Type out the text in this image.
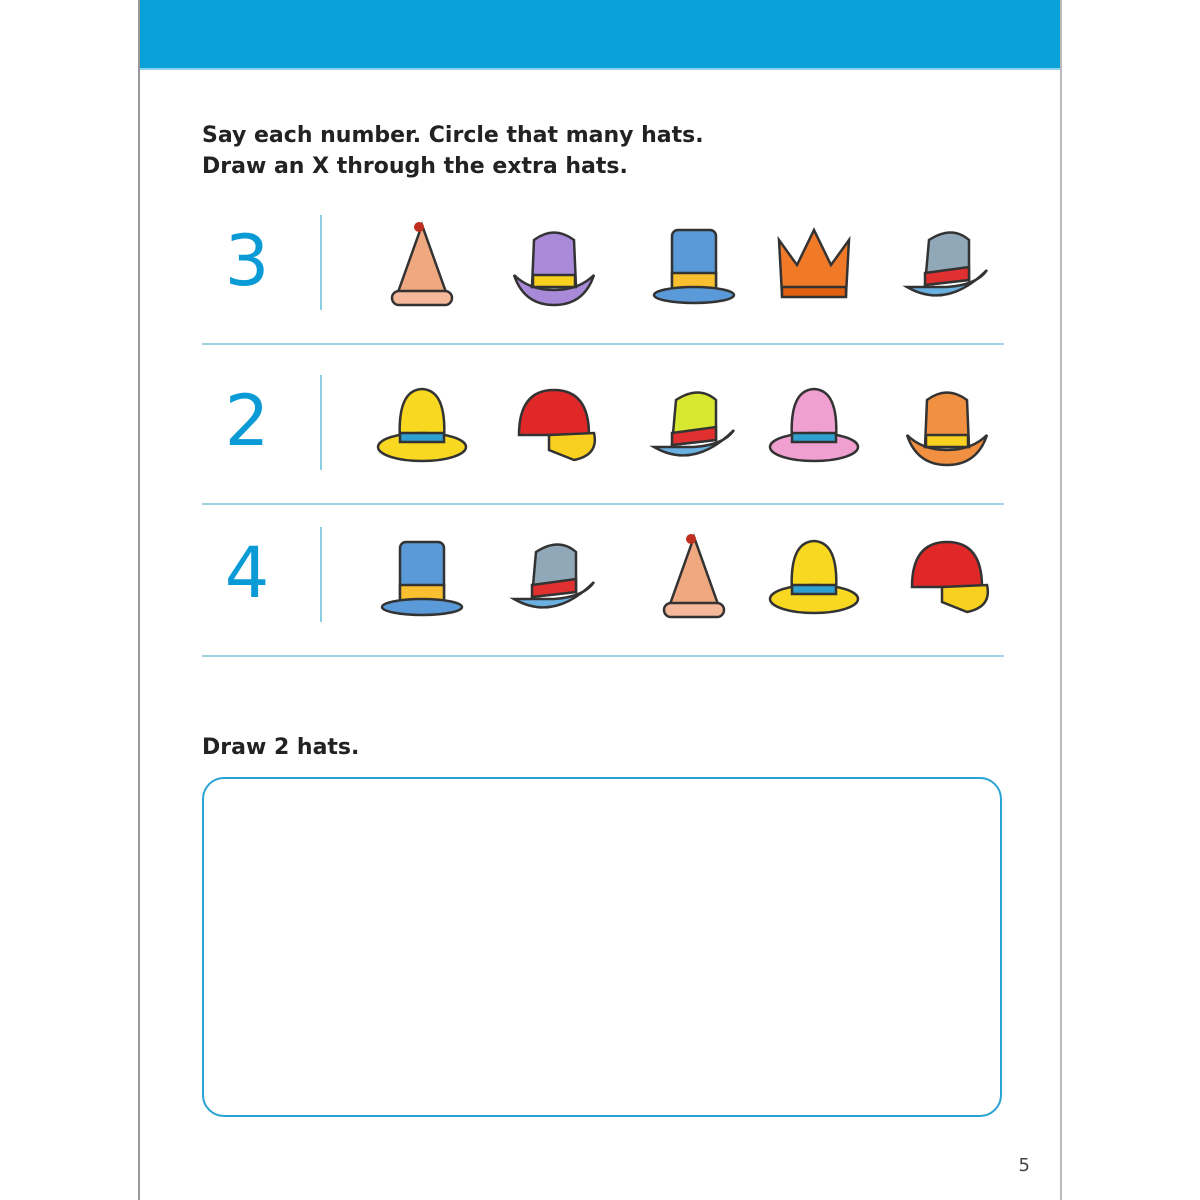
Say each number. Circle that many hats.
Draw an X through the extra hats.
3
2
4
Draw 2 hats.
5
